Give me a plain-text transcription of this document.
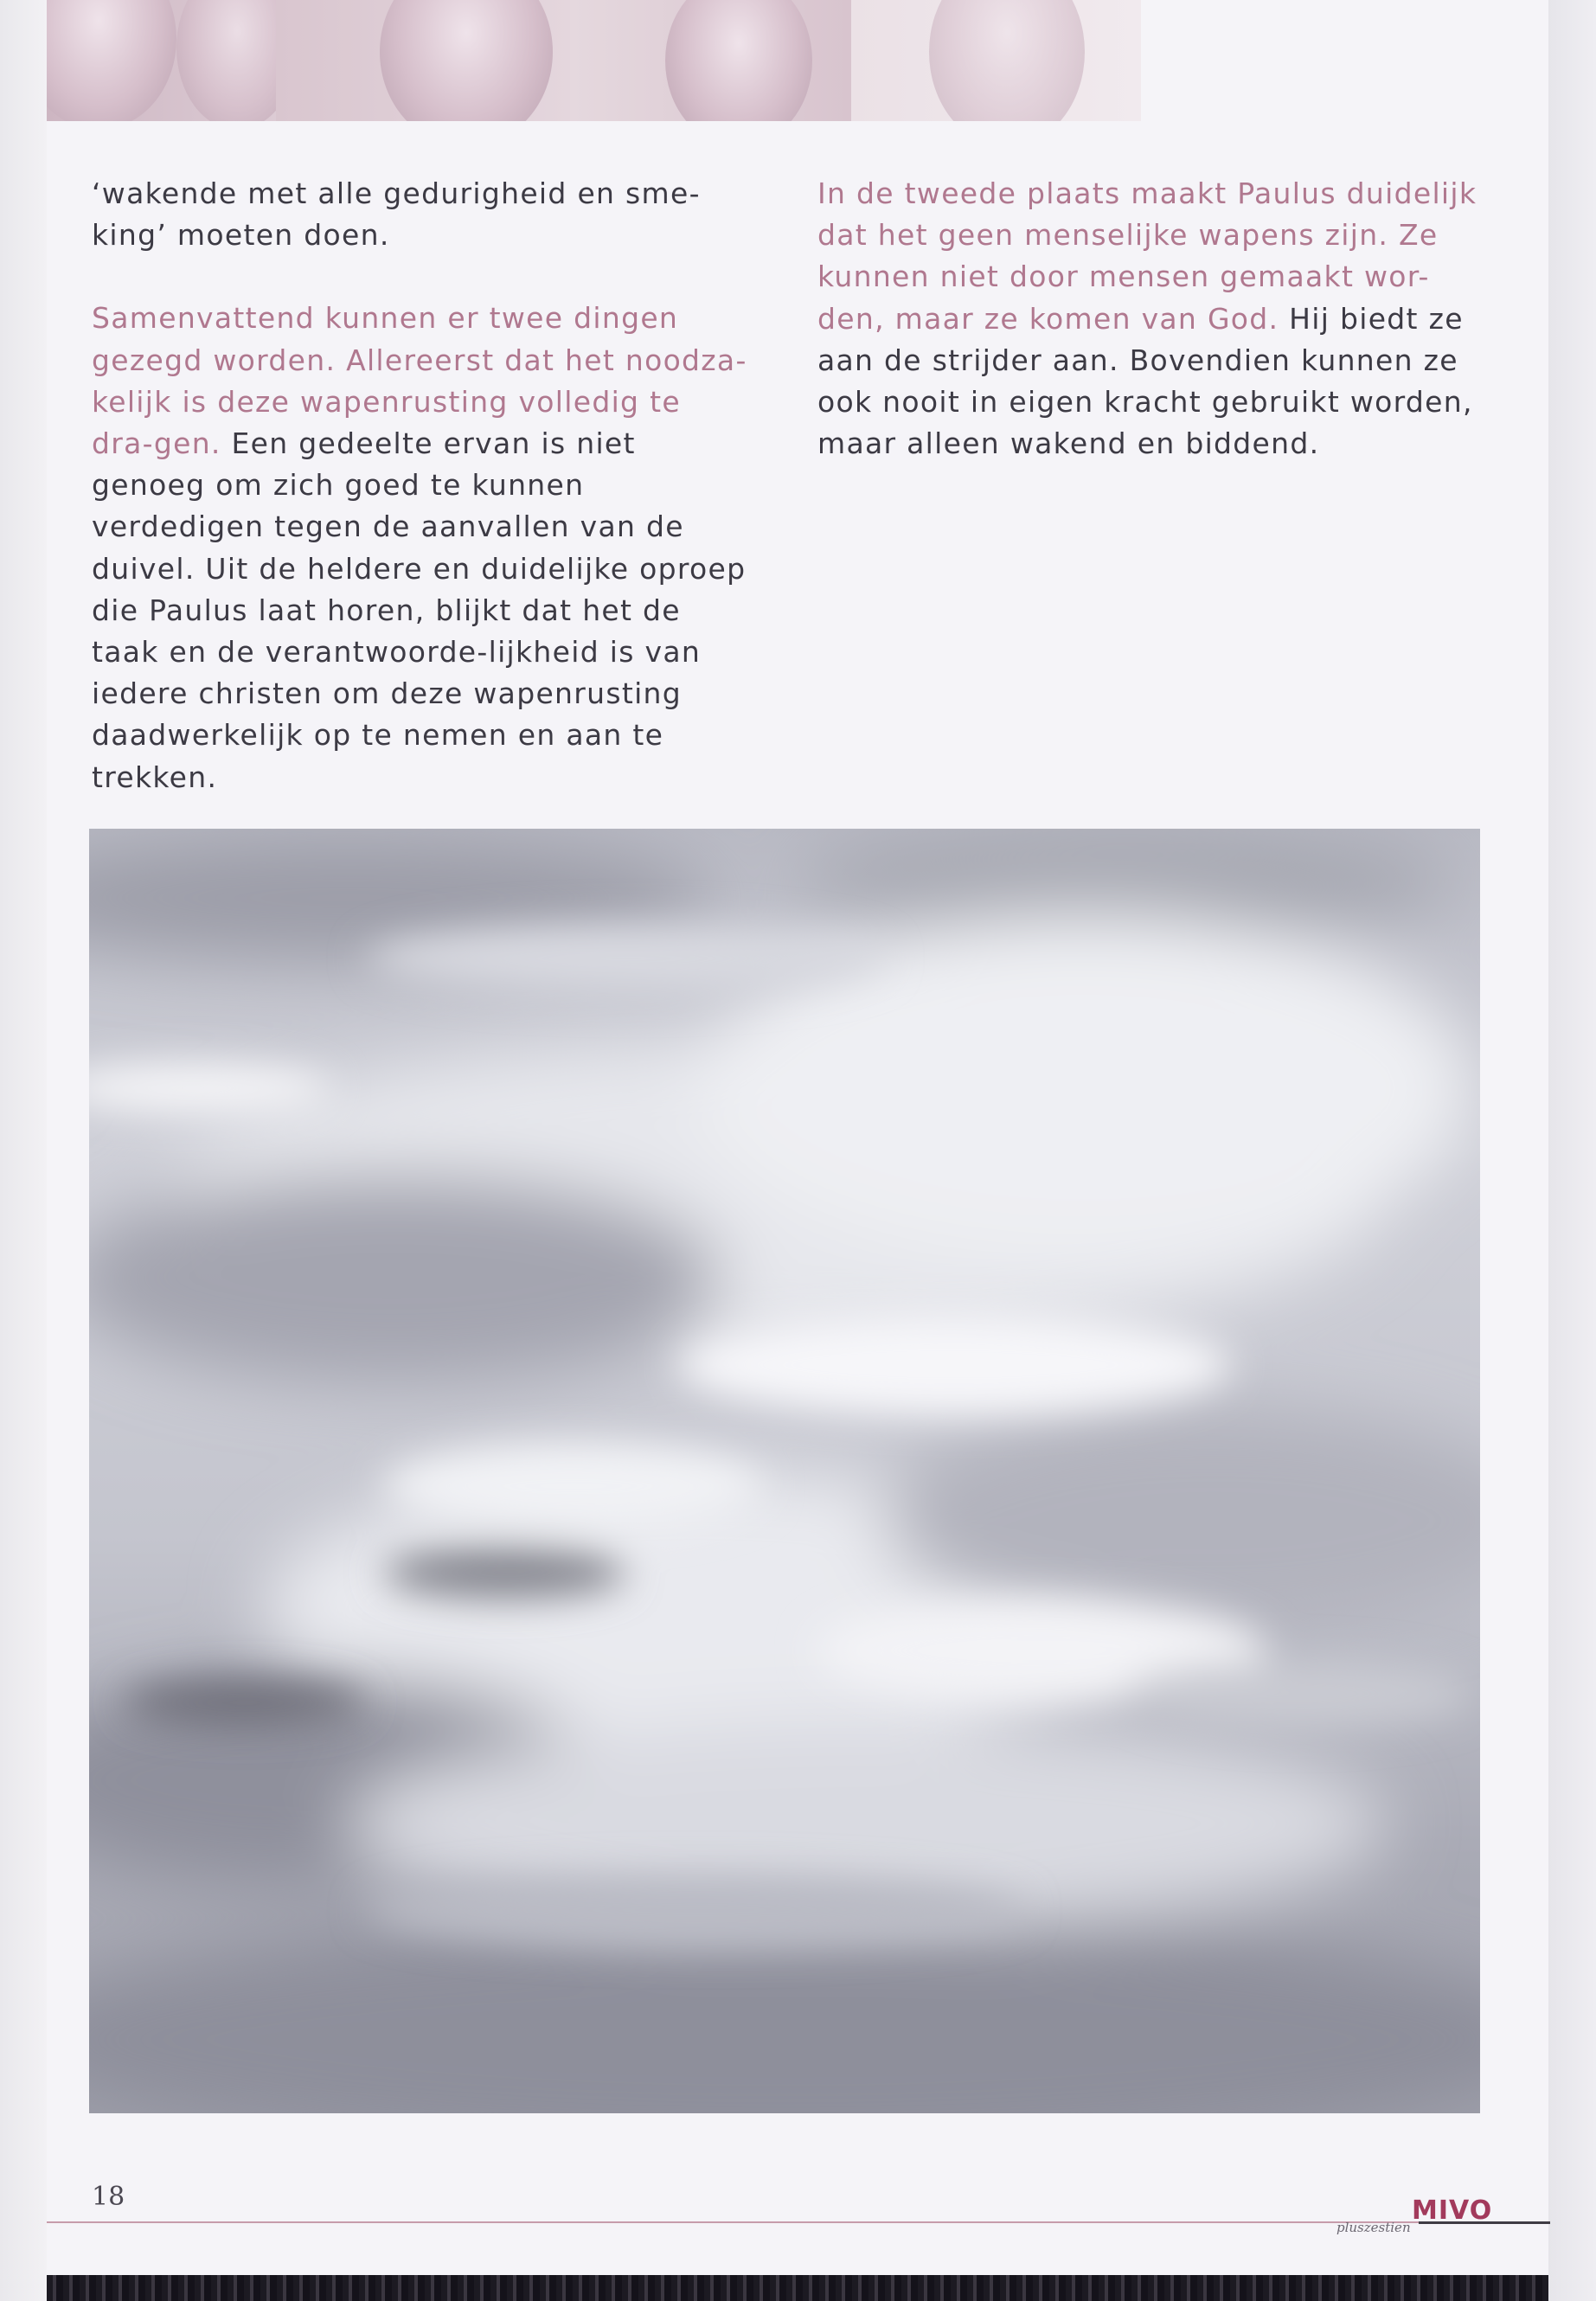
‘wakende met alle gedurigheid en sme-king’ moeten doen.

Samenvattend kunnen er twee dingen gezegd worden. Allereerst dat het noodza-kelijk is deze wapenrusting volledig te dra-gen. Een gedeelte ervan is niet genoeg om zich goed te kunnen verdedigen tegen de aanvallen van de duivel. Uit de heldere en duidelijke oproep die Paulus laat horen, blijkt dat het de taak en de verantwoorde-lijkheid is van iedere christen om deze wapenrusting daadwerkelijk op te nemen en aan te trekken.

In de tweede plaats maakt Paulus duidelijk dat het geen menselijke wapens zijn. Ze kunnen niet door mensen gemaakt wor-den, maar ze komen van God. Hij biedt ze aan de strijder aan. Bovendien kunnen ze ook nooit in eigen kracht gebruikt worden, maar alleen wakend en biddend.

18
pluszestien
MIVO
